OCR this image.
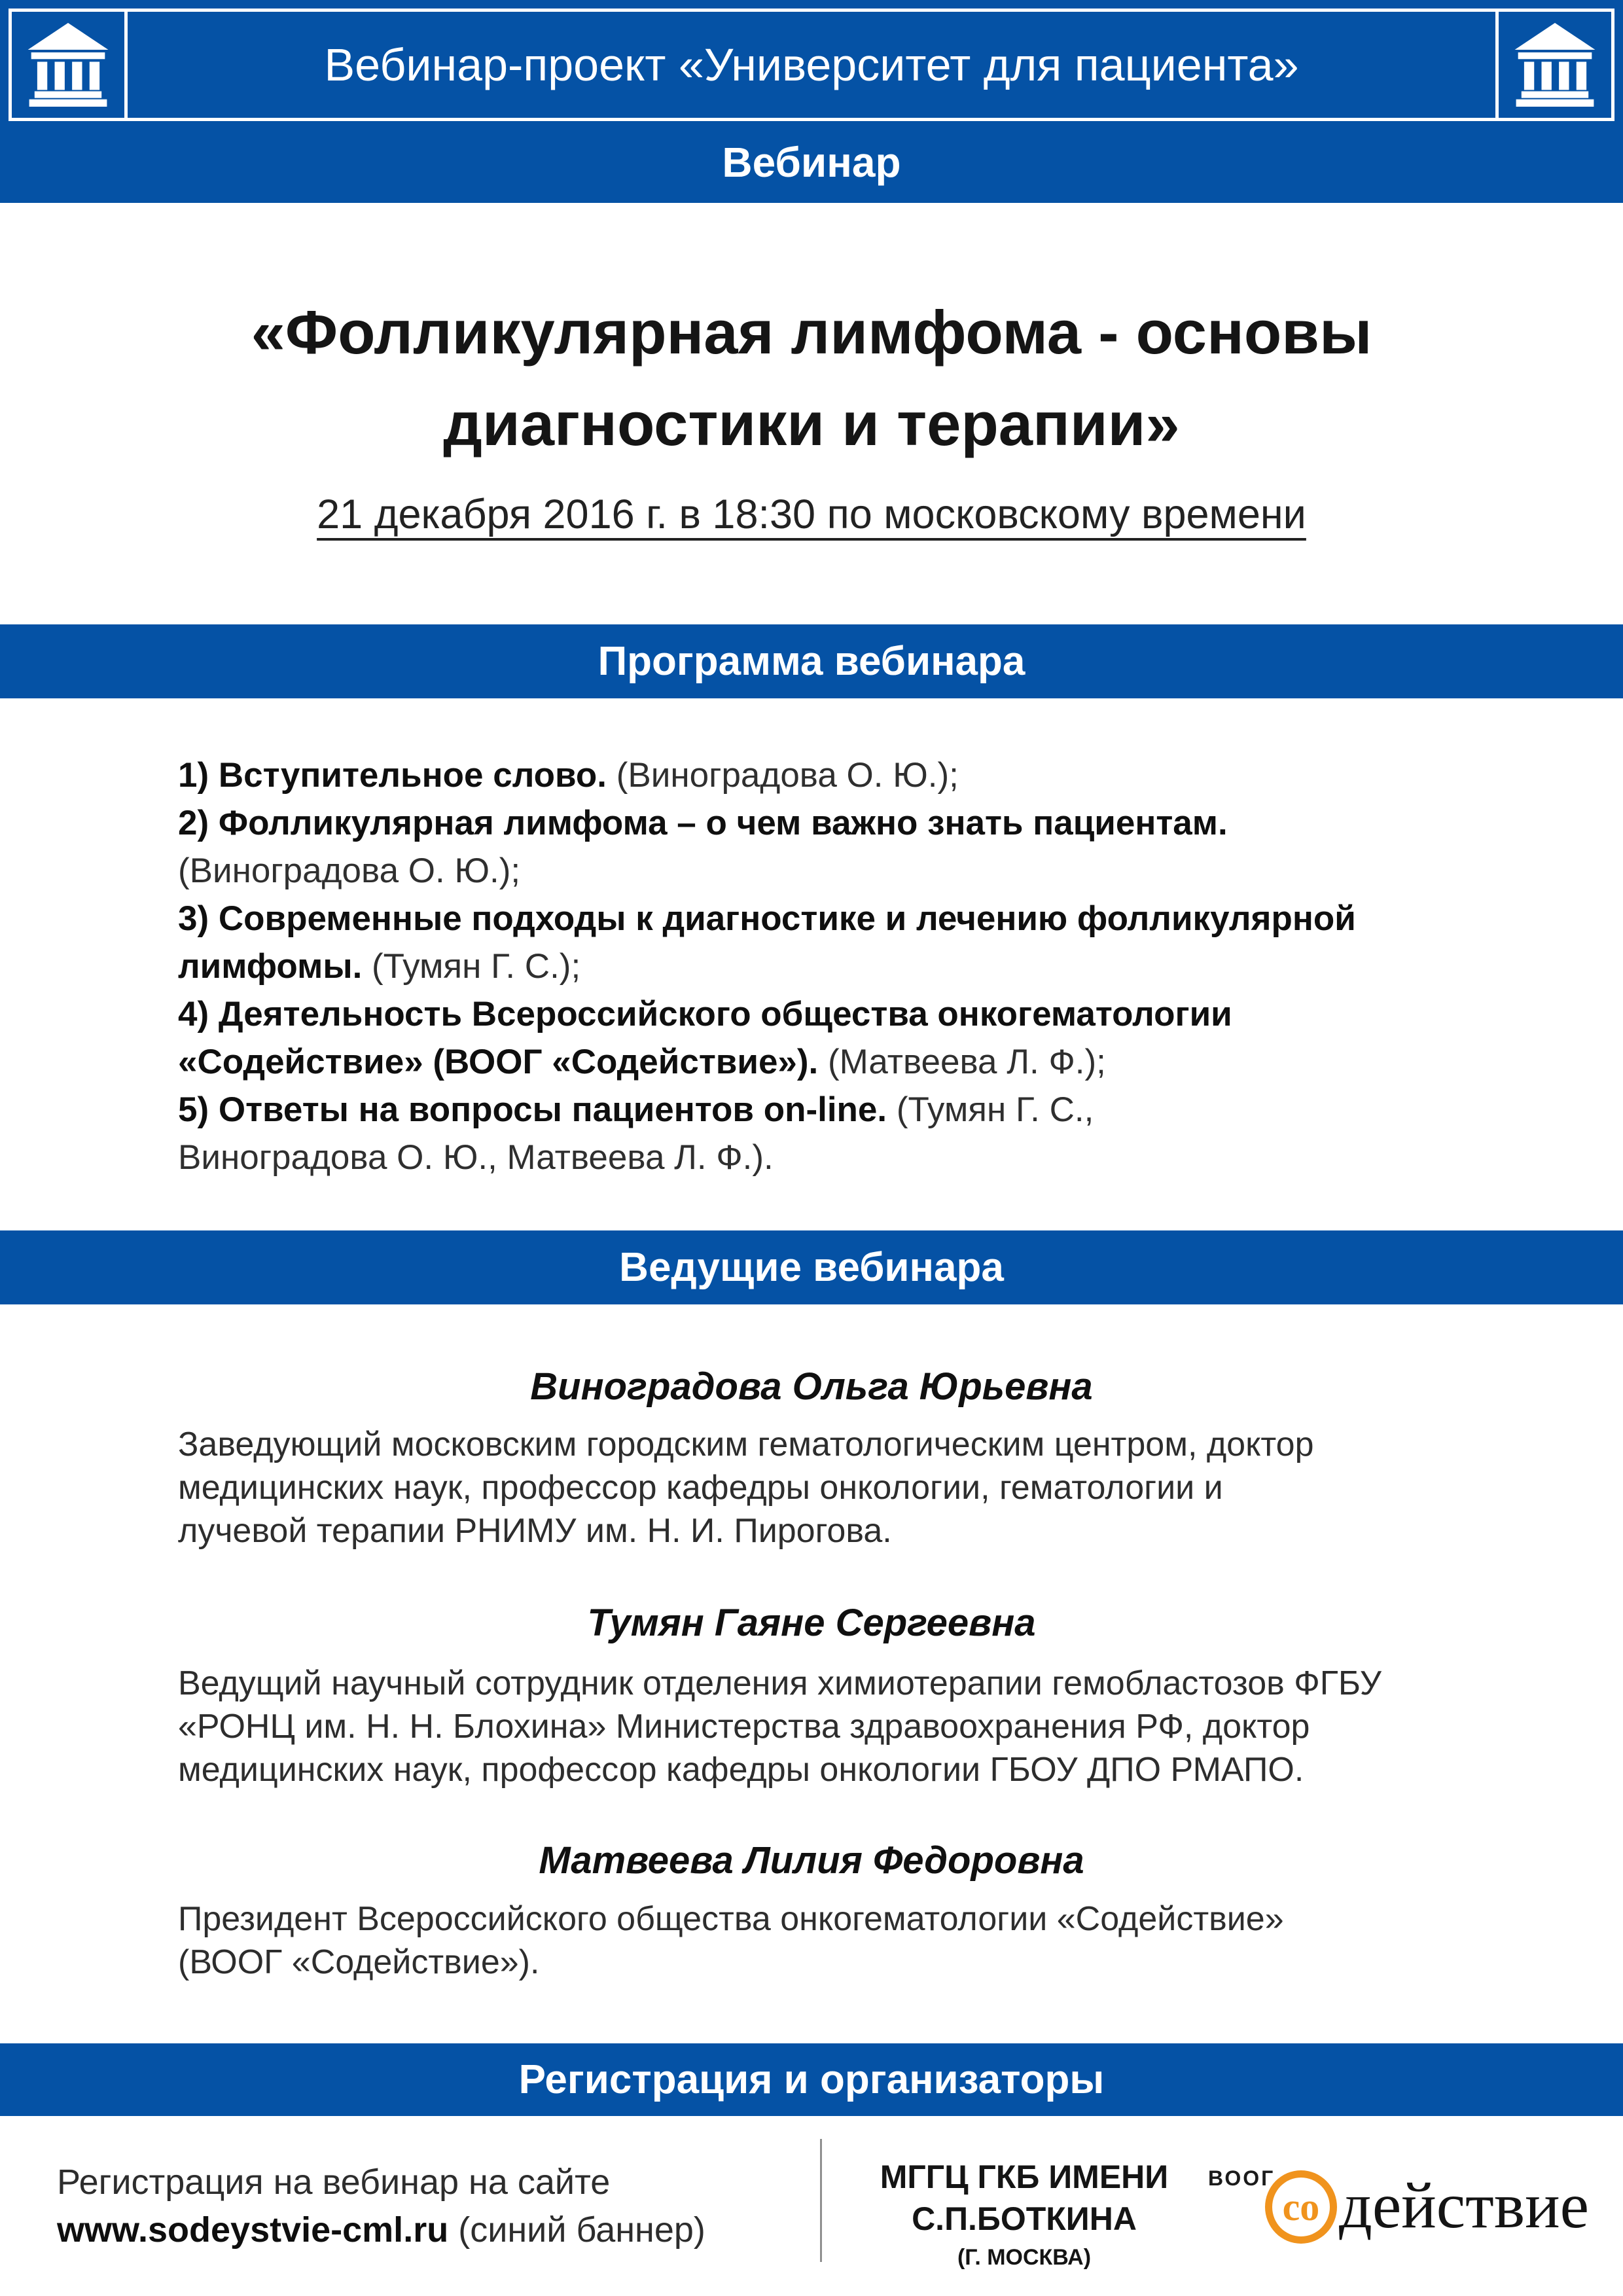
Вебинар-проект «Университет для пациента»
Вебинар
«Фолликулярная лимфома - основы
диагностики и терапии»
21 декабря 2016 г. в 18:30 по московскому времени
Программа вебинара
1) Вступительное слово. (Виноградова О. Ю.);
2) Фолликулярная лимфома – о чем важно знать пациентам.
(Виноградова О. Ю.);
3) Современные подходы к диагностике и лечению фолликулярной
лимфомы. (Тумян Г. С.);
4) Деятельность Всероссийского общества онкогематологии
«Содействие» (ВООГ «Содействие»). (Матвеева Л. Ф.);
5) Ответы на вопросы пациентов on-line. (Тумян Г. С.,
Виноградова О. Ю., Матвеева Л. Ф.).
Ведущие вебинара
Виноградова Ольга Юрьевна
Заведующий московским городским гематологическим центром, доктор
медицинских наук, профессор кафедры онкологии, гематологии и
лучевой терапии РНИМУ им. Н. И. Пирогова.
Тумян Гаяне Сергеевна
Ведущий научный сотрудник отделения химиотерапии гемобластозов ФГБУ
«РОНЦ им. Н. Н. Блохина» Министерства здравоохранения РФ, доктор
медицинских наук, профессор кафедры онкологии ГБОУ ДПО РМАПО.
Матвеева Лилия Федоровна
Президент Всероссийского общества онкогематологии «Содействие»
(ВООГ «Содействие»).
Регистрация и организаторы
Регистрация на вебинар на сайте
www.sodeystvie-cml.ru (синий баннер)
МГГЦ ГКБ ИМЕНИ
С.П.БОТКИНА
(Г. МОСКВА)
ВООГ
со действие
